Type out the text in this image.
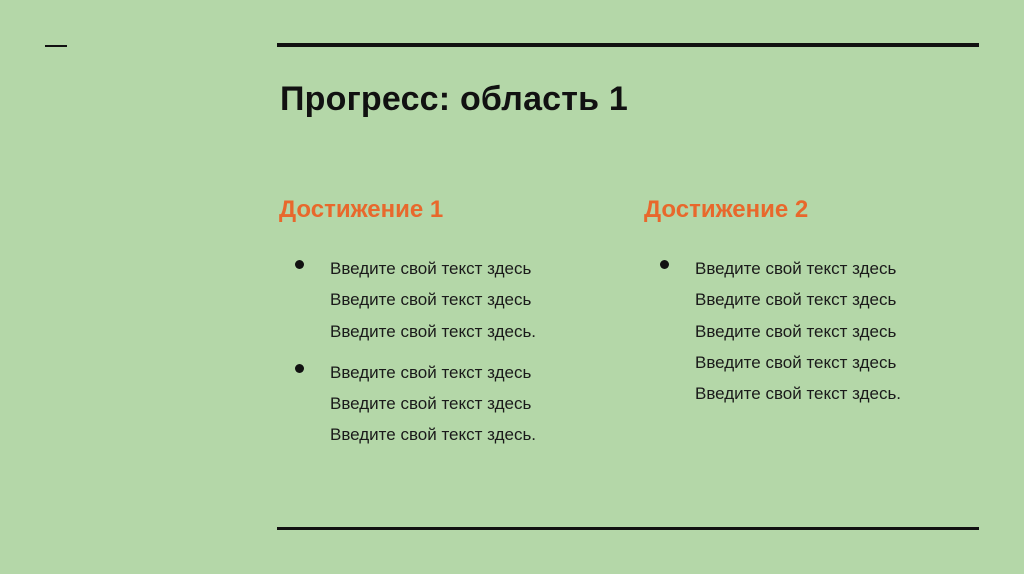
Прогресс: область 1
Достижение 1
Введите свой текст здесь
Введите свой текст здесь
Введите свой текст здесь.
Введите свой текст здесь
Введите свой текст здесь
Введите свой текст здесь.
Достижение 2
Введите свой текст здесь
Введите свой текст здесь
Введите свой текст здесь
Введите свой текст здесь
Введите свой текст здесь.
